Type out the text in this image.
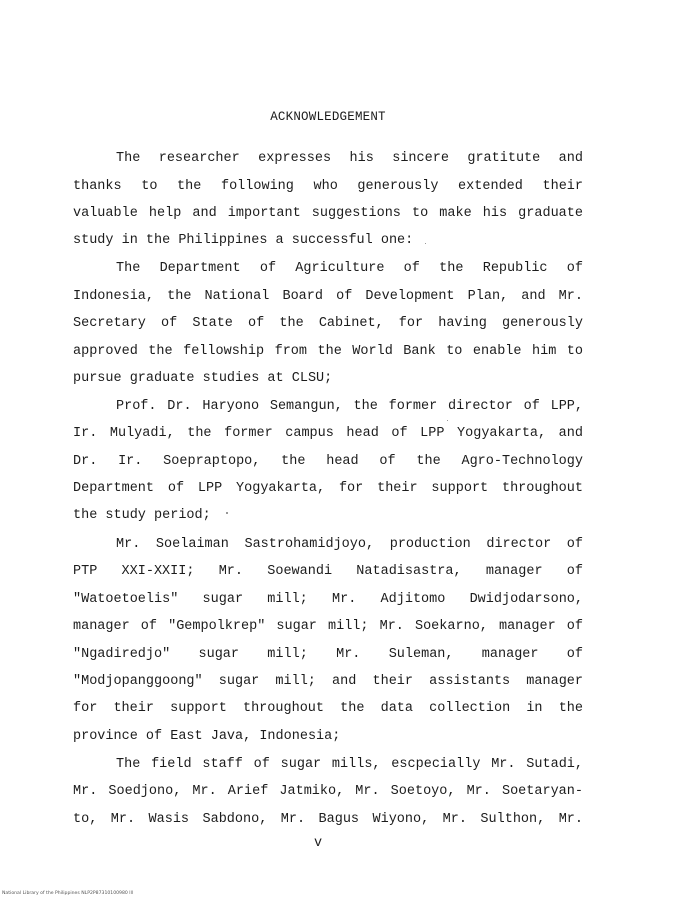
ACKNOWLEDGEMENT
The researcher expresses his sincere gratitute and
thanks to the following who generously extended their
valuable help and important suggestions to make his graduate
study in the Philippines a successful one:
The Department of Agriculture of the Republic of
Indonesia, the National Board of Development Plan, and Mr.
Secretary of State of the Cabinet, for having generously
approved the fellowship from the World Bank to enable him to
pursue graduate studies at CLSU;
Prof. Dr. Haryono Semangun, the former director of LPP,
Ir. Mulyadi, the former campus head of LPP Yogyakarta, and
Dr. Ir. Soepraptopo, the head of the Agro-Technology
Department of LPP Yogyakarta, for their support throughout
the study period;
Mr. Soelaiman Sastrohamidjoyo, production director of
PTP XXI-XXII; Mr. Soewandi Natadisastra, manager of
"Watoetoelis" sugar mill; Mr. Adjitomo Dwidjodarsono,
manager of "Gempolkrep" sugar mill; Mr. Soekarno, manager of
"Ngadiredjo" sugar mill; Mr. Suleman, manager of
"Modjopanggoong" sugar mill; and their assistants manager
for their support throughout the data collection in the
province of East Java, Indonesia;
The field staff of sugar mills, escpecially Mr. Sutadi,
Mr. Soedjono, Mr. Arief Jatmiko, Mr. Soetoyo, Mr. Soetaryan-
to, Mr. Wasis Sabdono, Mr. Bagus Wiyono, Mr. Sulthon, Mr.
v
National Library of the Philippines NLP2P87310100980 lll
